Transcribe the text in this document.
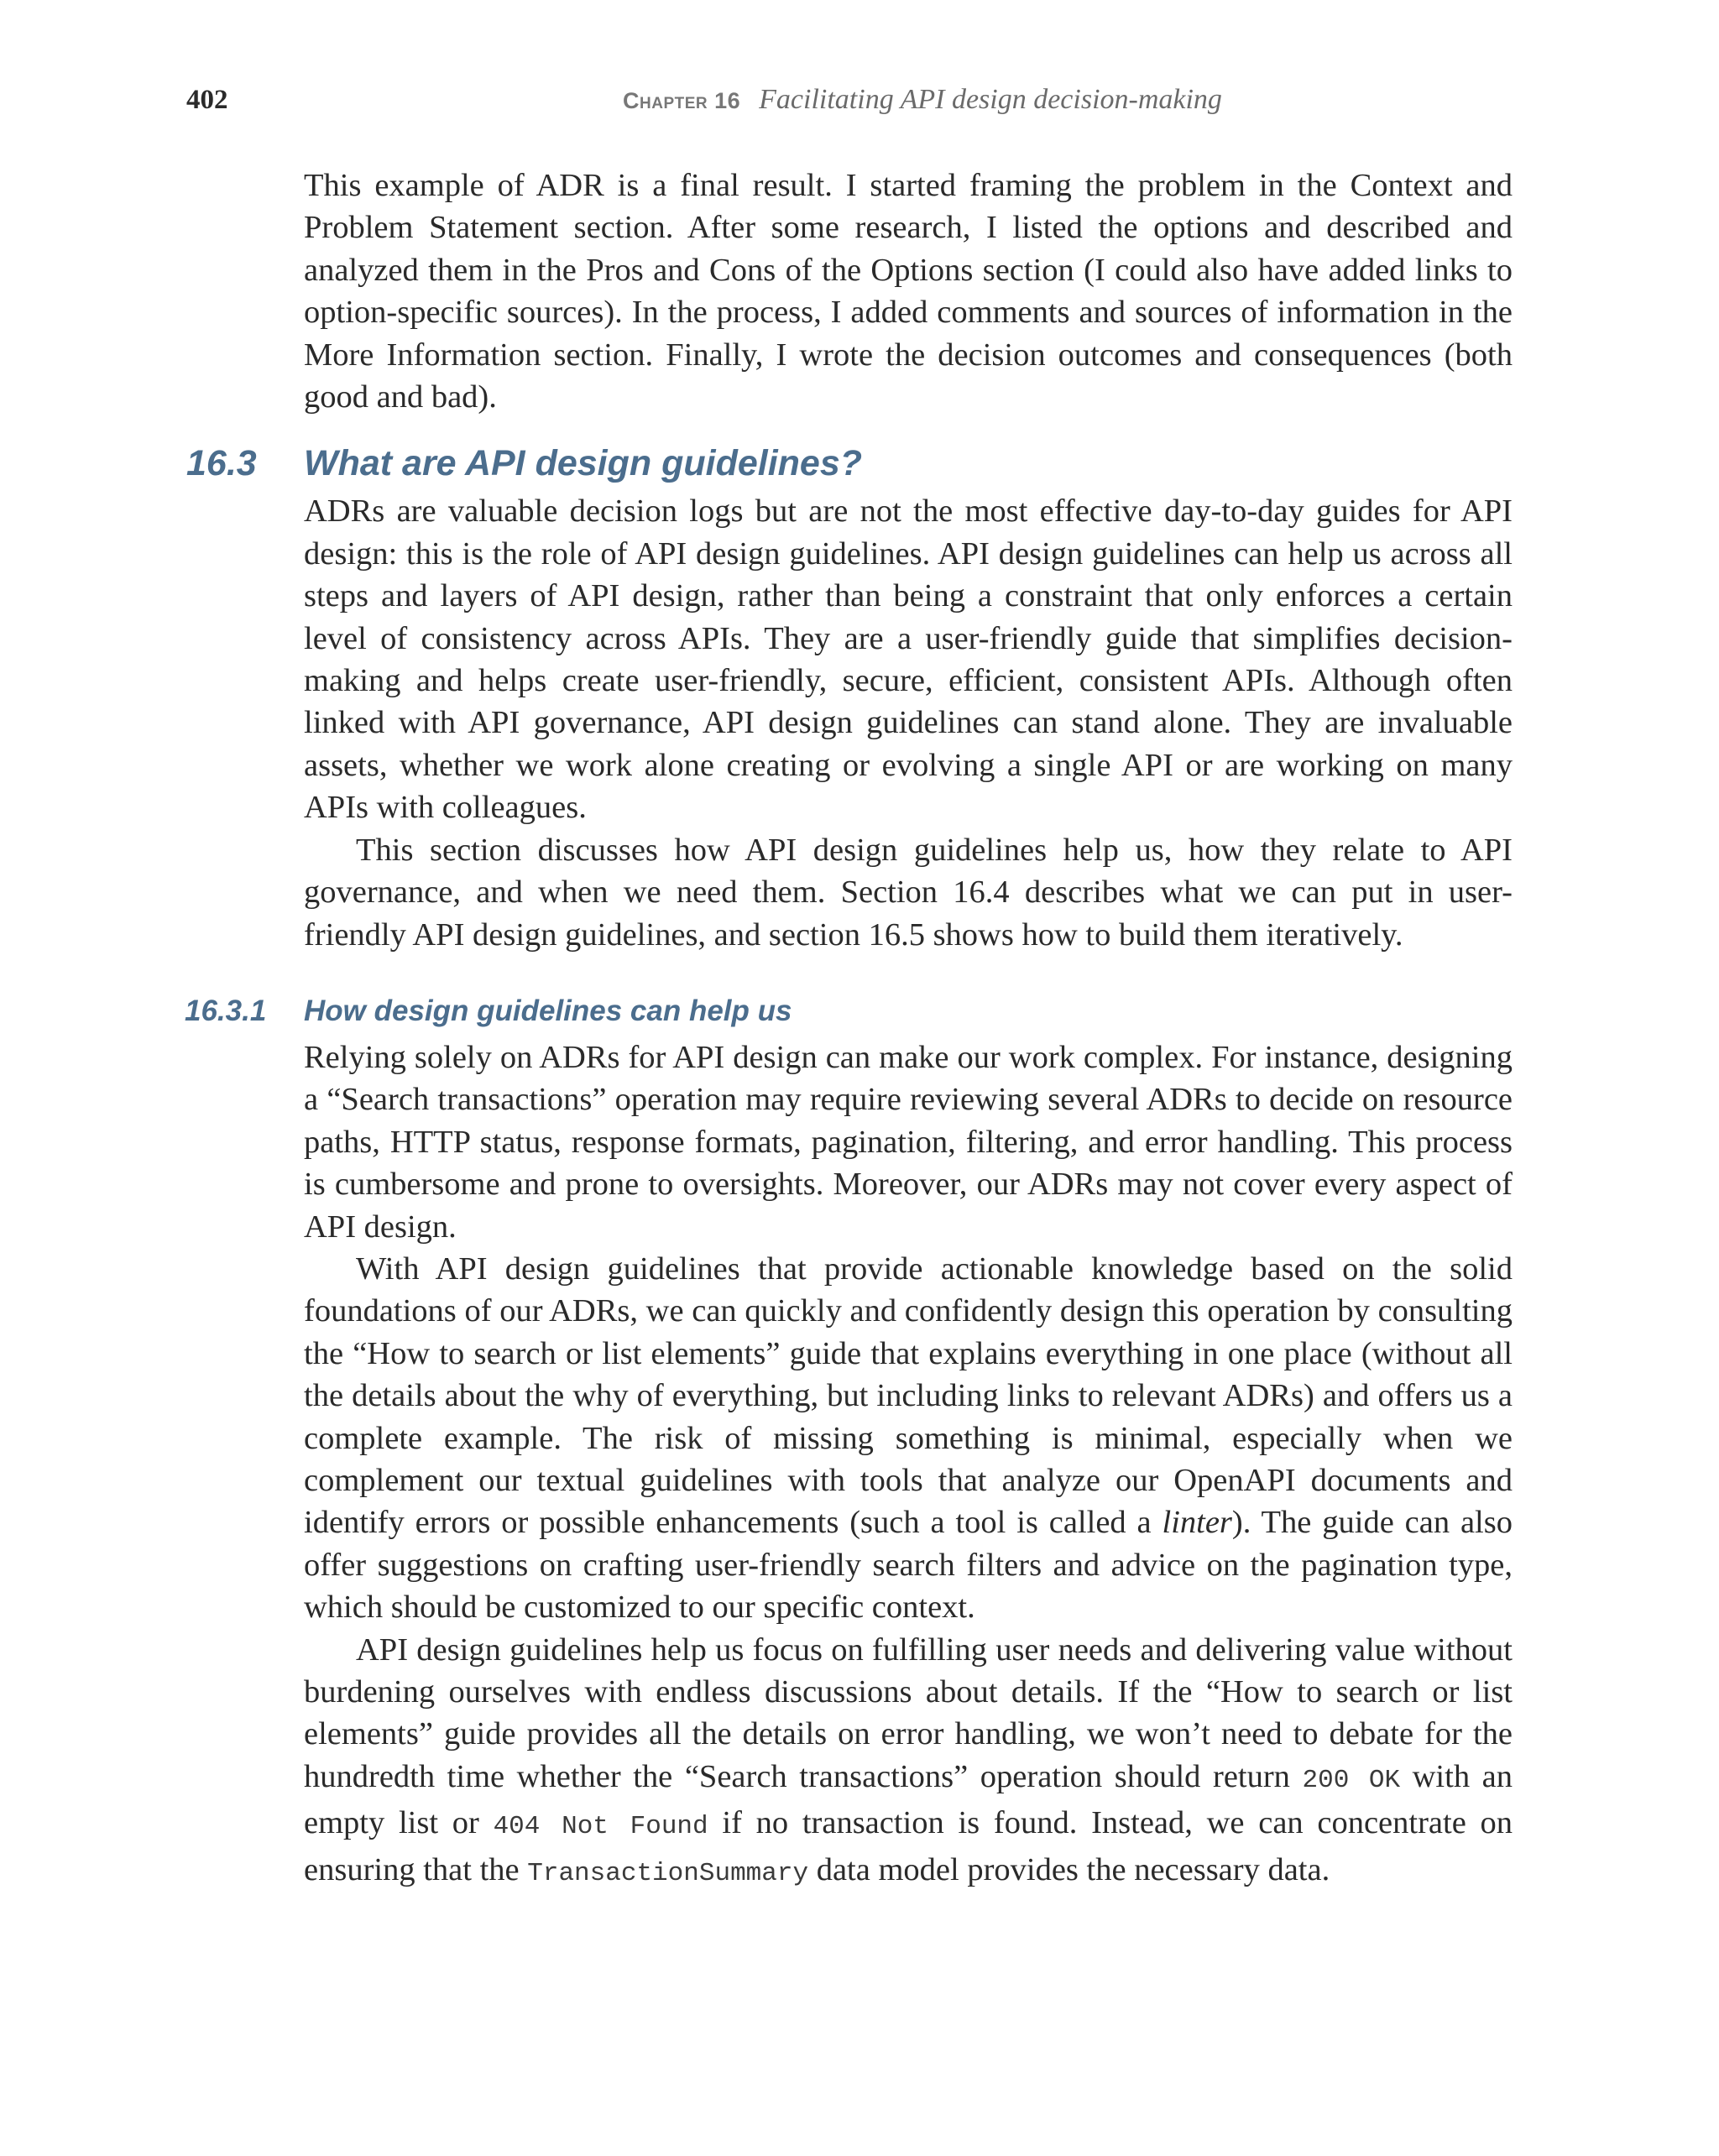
402	Chapter 16 Facilitating API design decision-making

This example of ADR is a final result. I started framing the problem in the Context and Problem Statement section. After some research, I listed the options and described and analyzed them in the Pros and Cons of the Options section (I could also have added links to option-specific sources). In the process, I added comments and sources of information in the More Information section. Finally, I wrote the decision outcomes and consequences (both good and bad).

16.3 What are API design guidelines?

ADRs are valuable decision logs but are not the most effective day-to-day guides for API design: this is the role of API design guidelines. API design guidelines can help us across all steps and layers of API design, rather than being a constraint that only enforces a certain level of consistency across APIs. They are a user-friendly guide that simplifies decision-making and helps create user-friendly, secure, efficient, consistent APIs. Although often linked with API governance, API design guidelines can stand alone. They are invaluable assets, whether we work alone creating or evolving a single API or are working on many APIs with colleagues.

This section discusses how API design guidelines help us, how they relate to API governance, and when we need them. Section 16.4 describes what we can put in user-friendly API design guidelines, and section 16.5 shows how to build them iteratively.

16.3.1 How design guidelines can help us

Relying solely on ADRs for API design can make our work complex. For instance, designing a “Search transactions” operation may require reviewing several ADRs to decide on resource paths, HTTP status, response formats, pagination, filtering, and error handling. This process is cumbersome and prone to oversights. Moreover, our ADRs may not cover every aspect of API design.

With API design guidelines that provide actionable knowledge based on the solid foundations of our ADRs, we can quickly and confidently design this operation by consulting the “How to search or list elements” guide that explains everything in one place (without all the details about the why of everything, but including links to relevant ADRs) and offers us a complete example. The risk of missing something is minimal, especially when we complement our textual guidelines with tools that analyze our OpenAPI documents and identify errors or possible enhancements (such a tool is called a linter). The guide can also offer suggestions on crafting user-friendly search filters and advice on the pagination type, which should be customized to our specific context.

API design guidelines help us focus on fulfilling user needs and delivering value without burdening ourselves with endless discussions about details. If the “How to search or list elements” guide provides all the details on error handling, we won’t need to debate for the hundredth time whether the “Search transactions” operation should return 200 OK with an empty list or 404 Not Found if no transaction is found. Instead, we can concentrate on ensuring that the TransactionSummary data model provides the necessary data.
